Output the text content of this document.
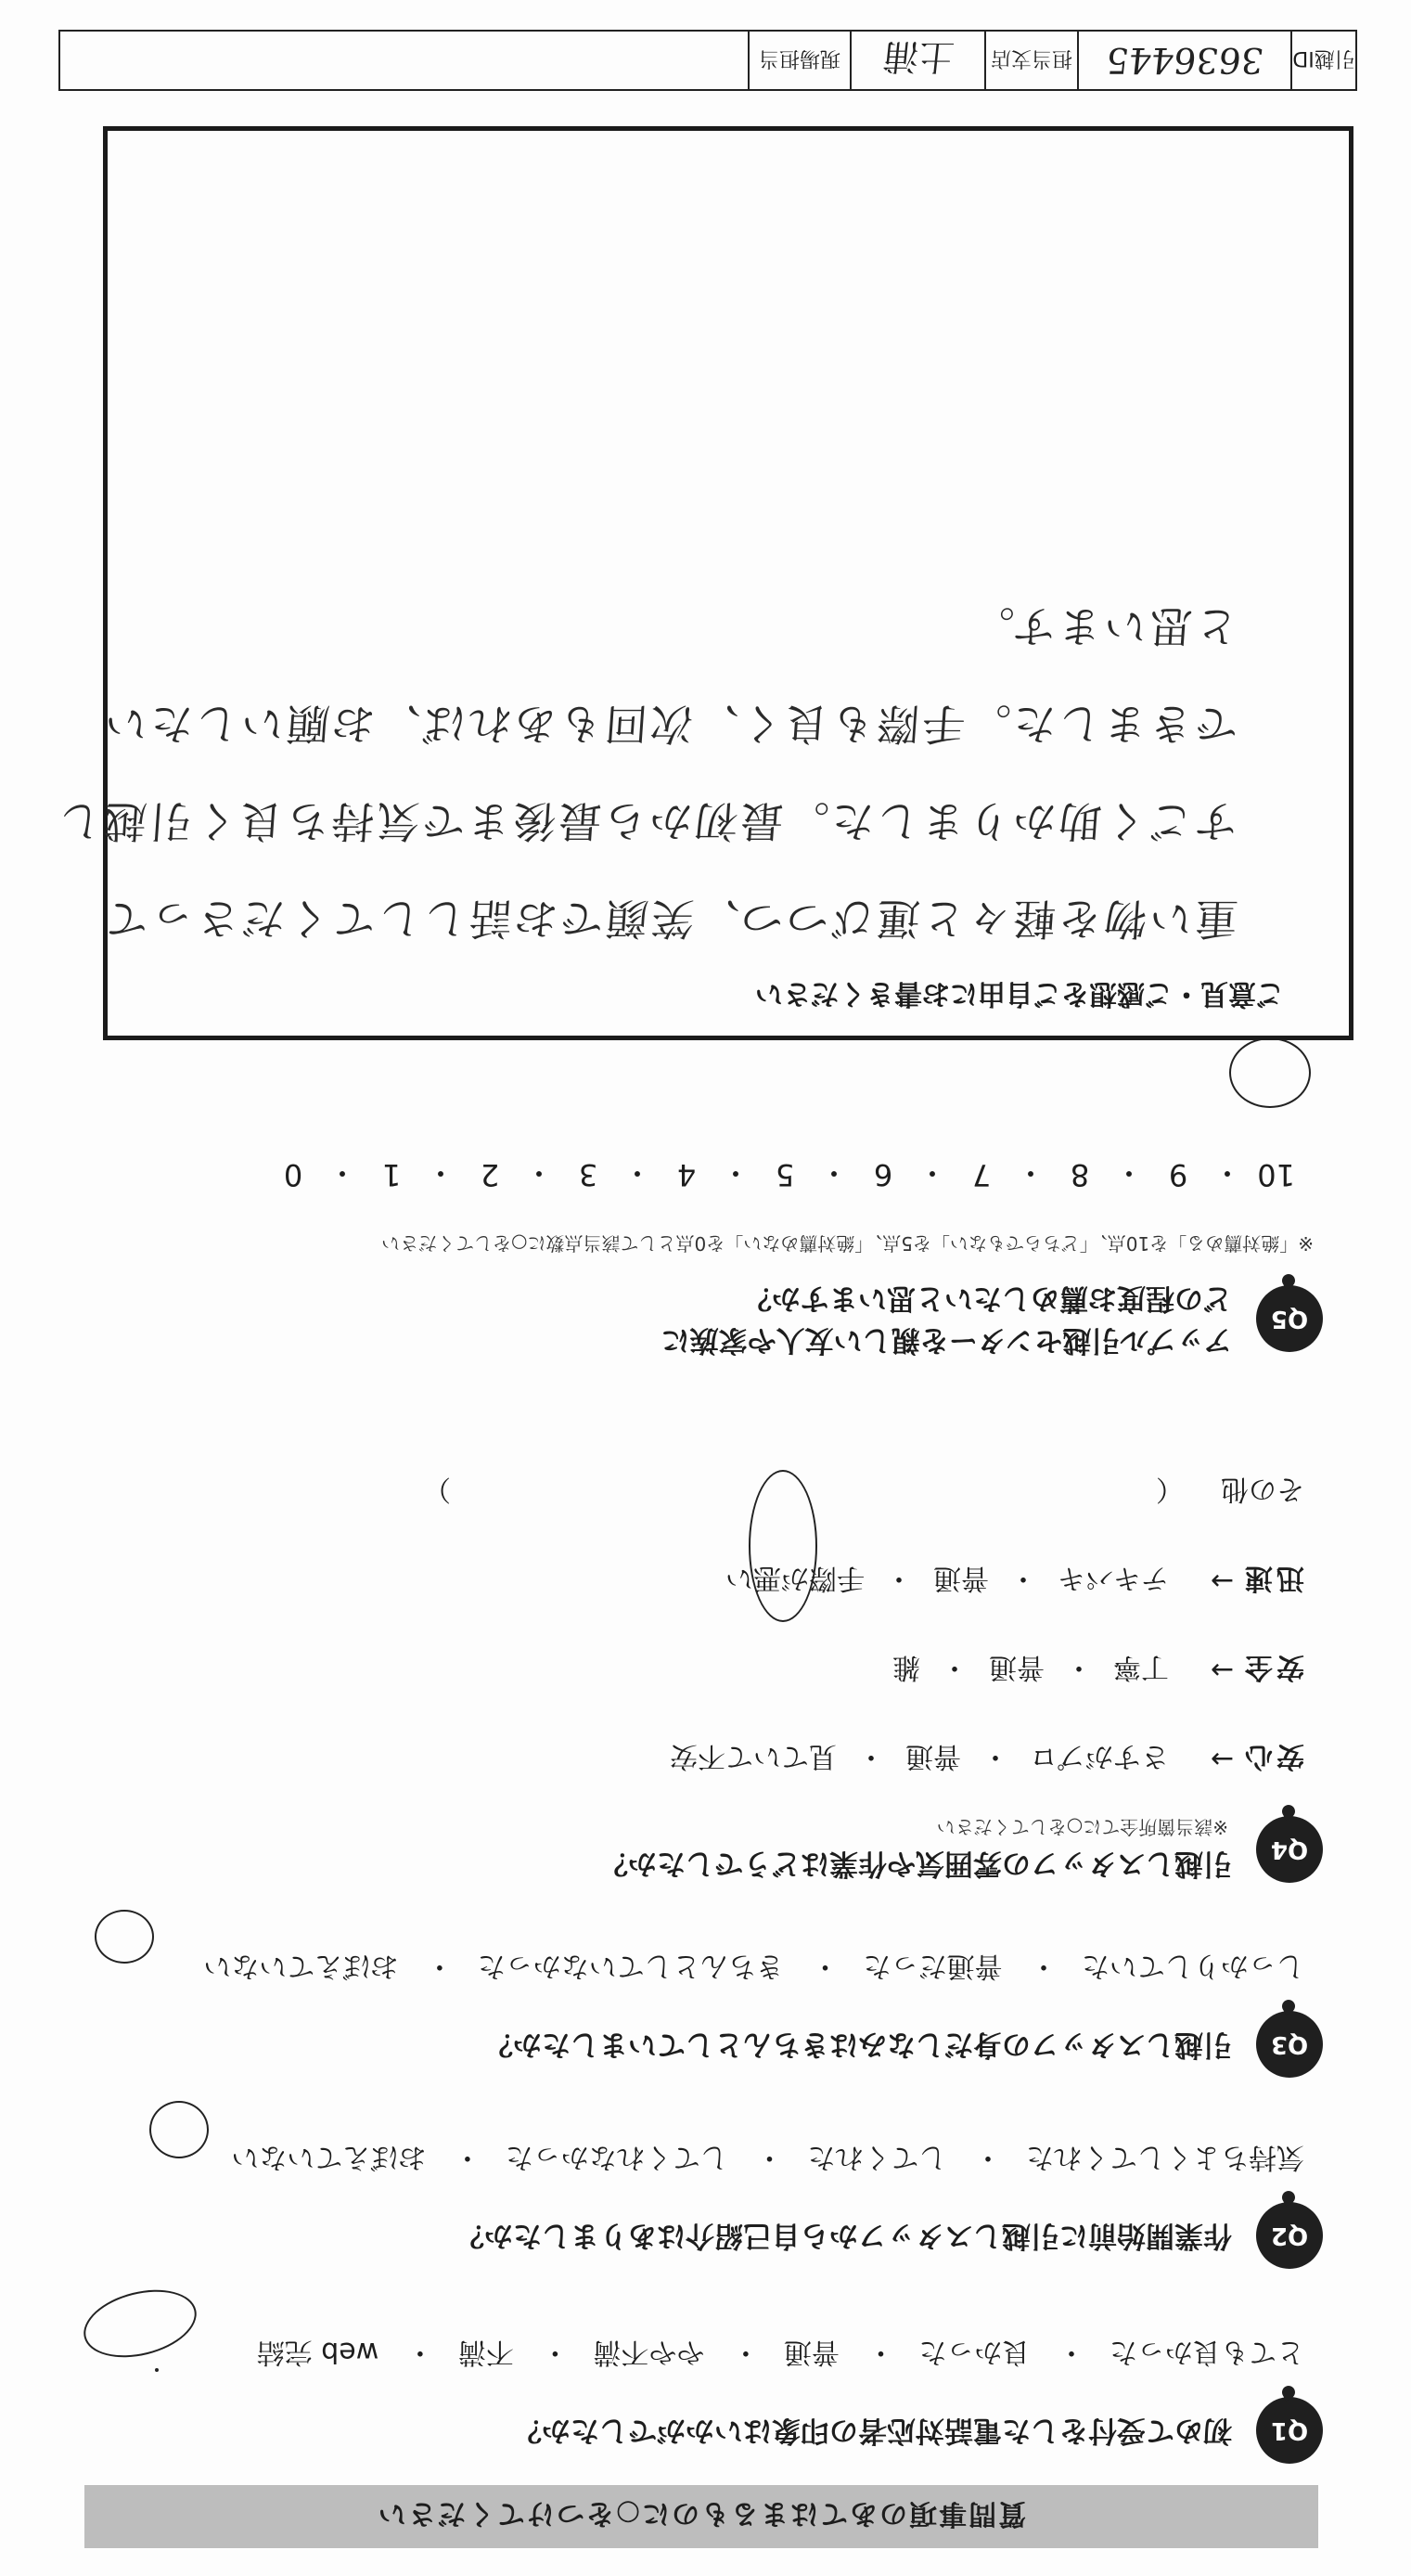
質問事項のあてはまるものに○をつけてください
Q1
初めて受付をした電話対応者の印象はいかがでしたか？
とても良かった・ 良かった・ 普通・ やや不満・ 不満・ web 完結
Q2
作業開始前に引越しスタッフから自己紹介はありましたか？
気持ちよくしてくれた・ してくれた・ してくれなかった・ おぼえていない
Q3
引越しスタッフの身だしなみはきちんとしていましたか？
しっかりしていた・ 普通だった・ きちんとしていなかった・ おぼえていない
Q4
引越しスタッフの雰囲気や作業はどうでしたか？
※該当箇所全てに○をしてください
安心
→
さすがプロ
・
普通
・
見ていて不安
安全
→
丁寧
・
普通
・
雑
迅速
→
テキパキ
・
普通
・
手際が悪い
その他
（
）
Q5
アップル引越センターを親しい友人や家族に
どの程度お薦めしたいと思いますか？
※「絶対薦める」を10点、「どちらでもない」を5点、「絶対薦めない」を0点として該当点数に○をしてください
10
・
9
・
8
・
7
・
6
・
5
・
4
・
3
・
2
・
1
・
0
ご意見・ご感想をご自由にお書きください
重い物を軽々と運びつつ、笑顔でお話ししてくださって
すごく助かりました。最初から最後まで気持ち良く引越し
できました。手際も良く、次回もあれば、お願いしたい
と思います。
引越ID
3636445
担当支店
土浦
現場担当
